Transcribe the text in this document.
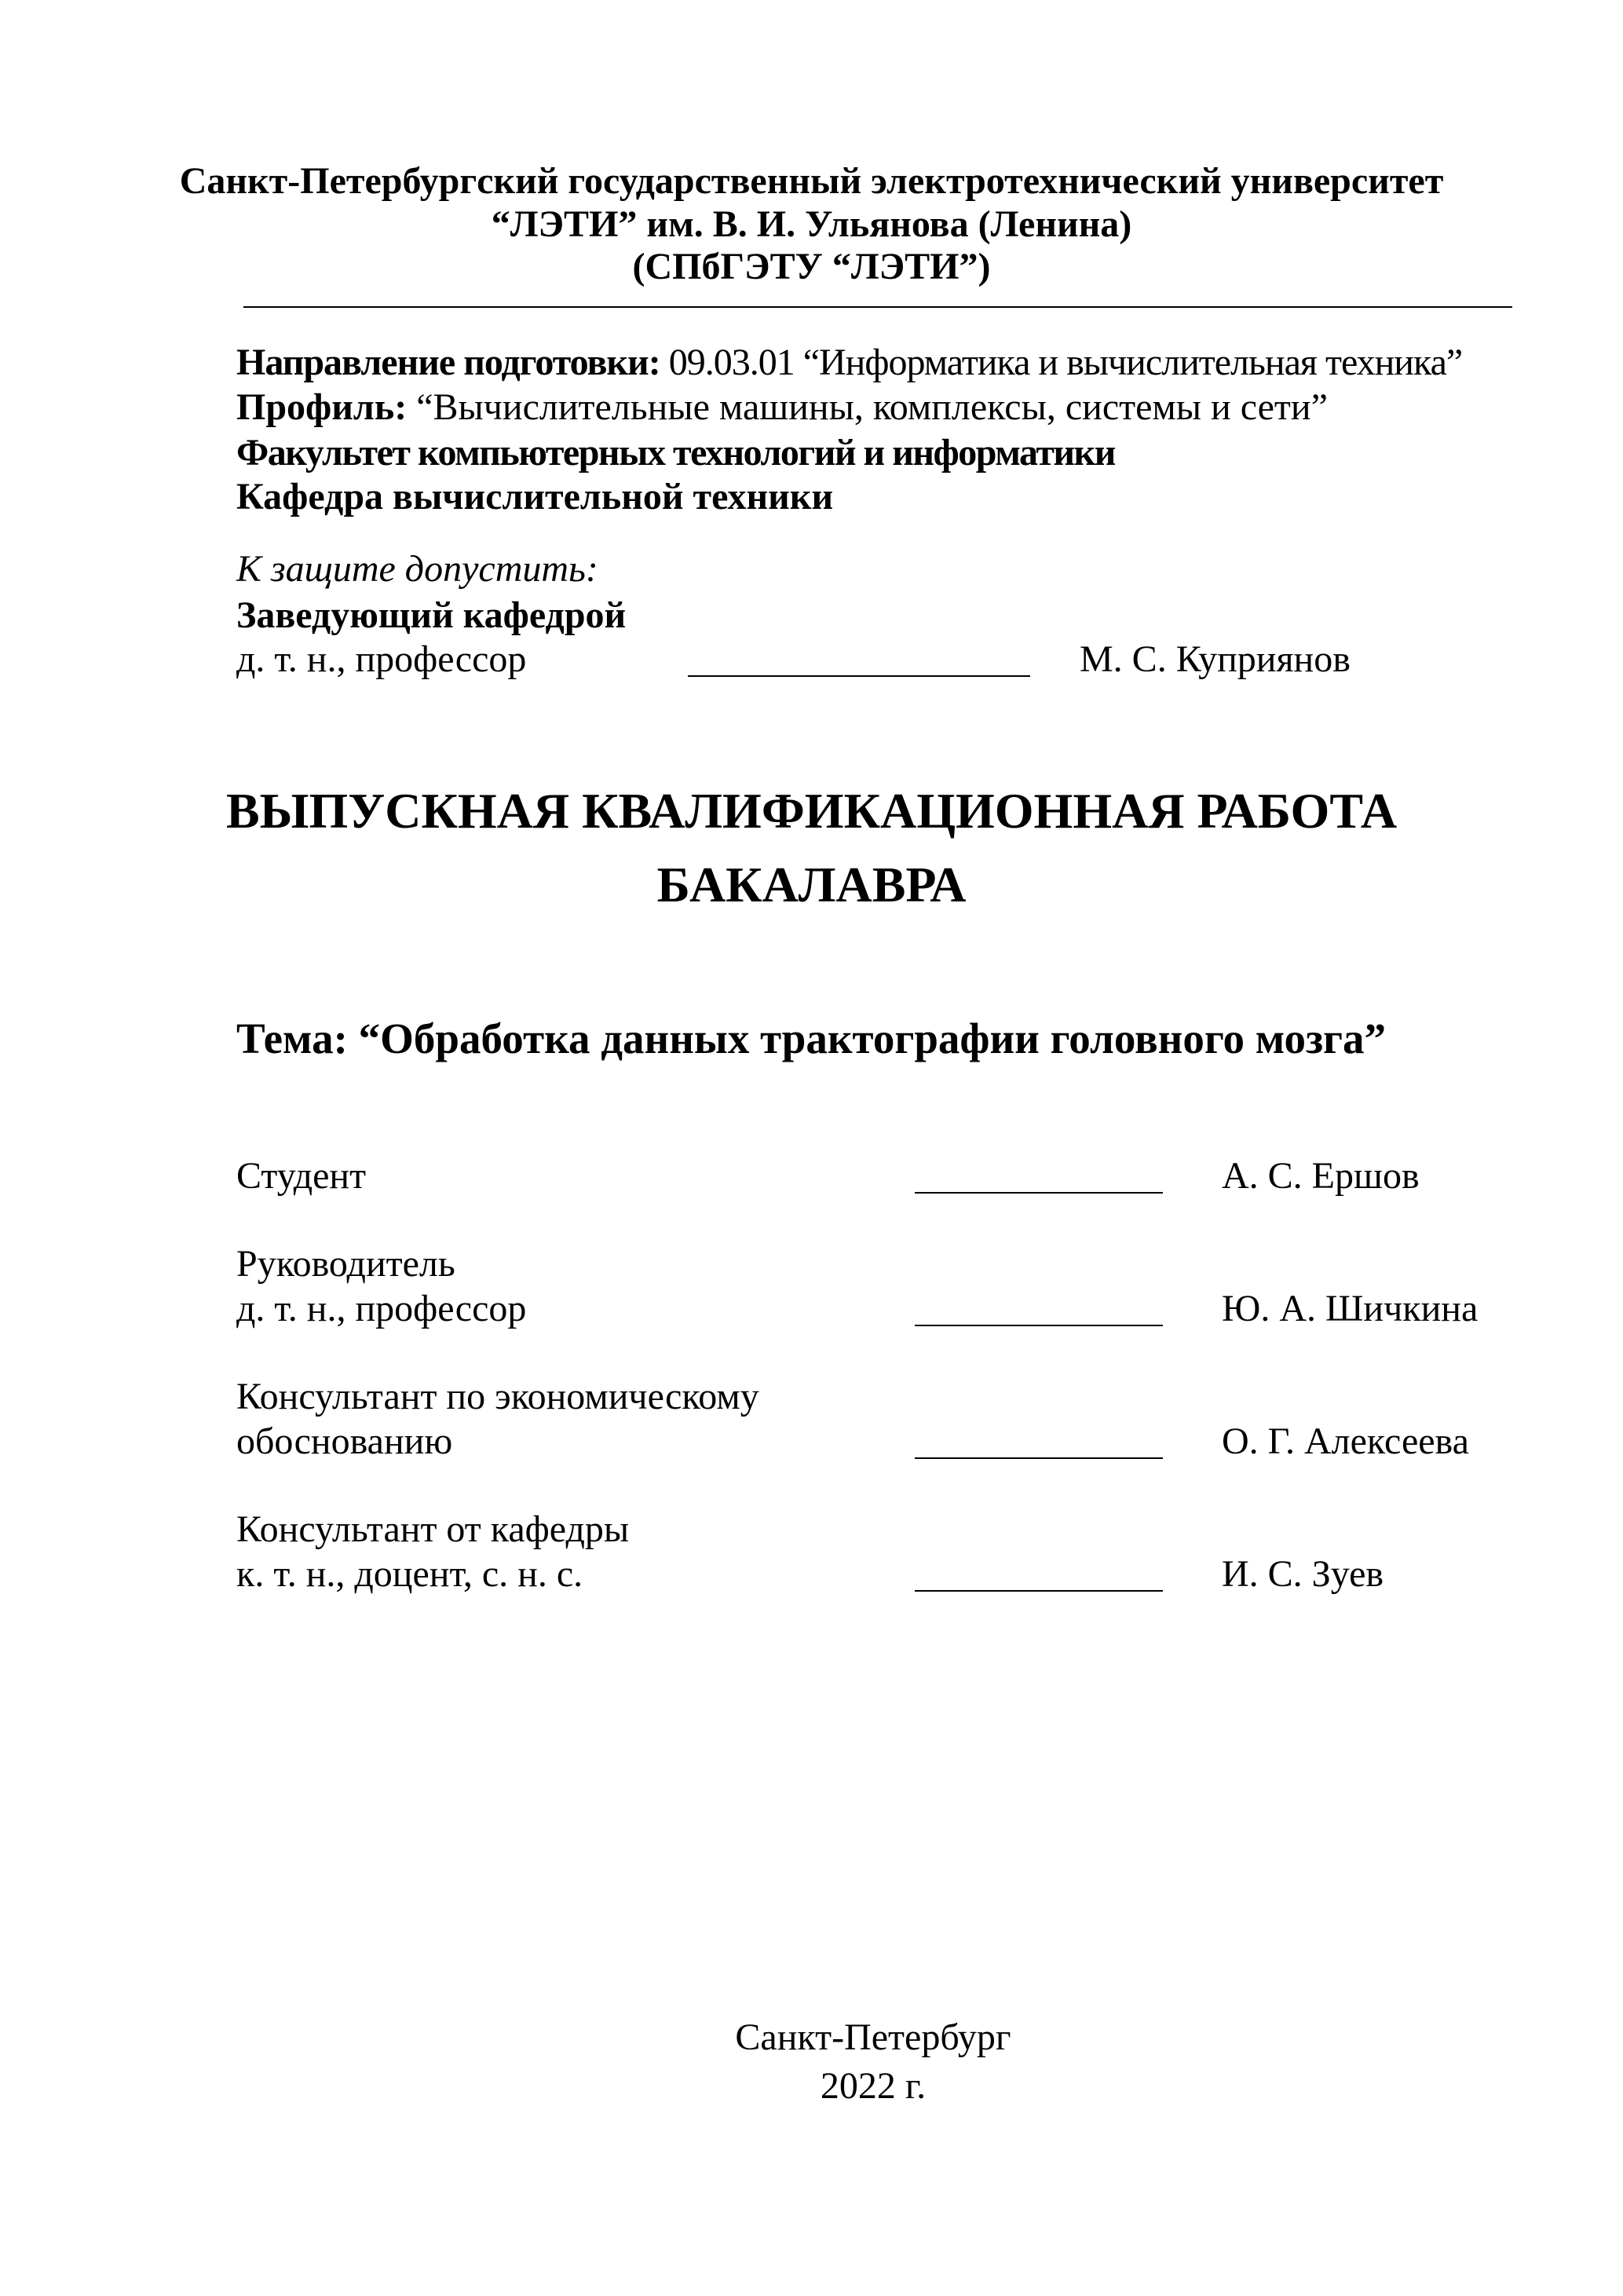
Санкт-Петербургский государственный электротехнический университет
“ЛЭТИ” им. В. И. Ульянова (Ленина)
(СПбГЭТУ “ЛЭТИ”)
Направление подготовки: 09.03.01 “Информатика и вычислительная техника”
Профиль: “Вычислительные машины, комплексы, системы и сети”
Факультет компьютерных технологий и информатики
Кафедра вычислительной техники
К защите допустить:
Заведующий кафедрой
д. т. н., профессор	М. С. Куприянов
ВЫПУСКНАЯ КВАЛИФИКАЦИОННАЯ РАБОТА
БАКАЛАВРА
Тема: “Обработка данных трактографии головного мозга”
Студент	А. С. Ершов
Руководитель
д. т. н., профессор	Ю. А. Шичкина
Консультант по экономическому
обоснованию	О. Г. Алексеева
Консультант от кафедры
к. т. н., доцент, с. н. с.	И. С. Зуев
Санкт-Петербург
2022 г.
